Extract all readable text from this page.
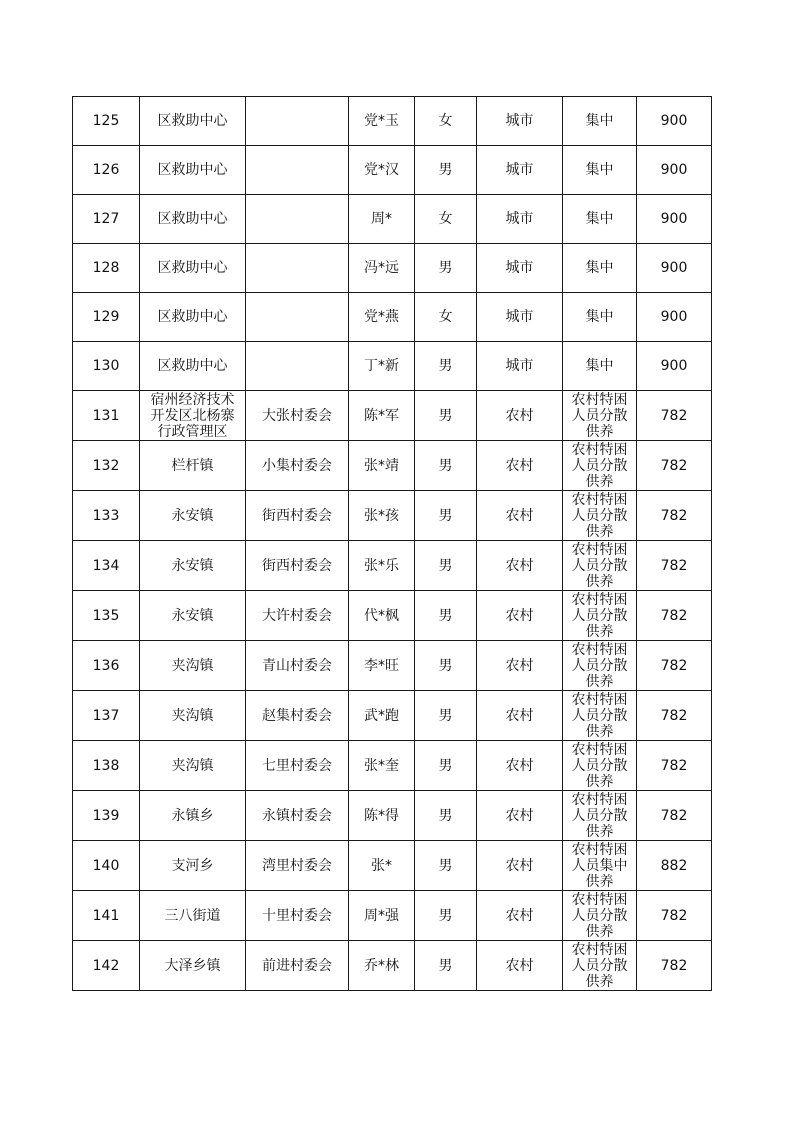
125	区救助中心		党*玉	女	城市	集中	900
126	区救助中心		党*汉	男	城市	集中	900
127	区救助中心		周*	女	城市	集中	900
128	区救助中心		冯*远	男	城市	集中	900
129	区救助中心		党*燕	女	城市	集中	900
130	区救助中心		丁*新	男	城市	集中	900
131	宿州经济技术开发区北杨寨行政管理区	大张村委会	陈*军	男	农村	农村特困人员分散供养	782
132	栏杆镇	小集村委会	张*靖	男	农村	农村特困人员分散供养	782
133	永安镇	街西村委会	张*孩	男	农村	农村特困人员分散供养	782
134	永安镇	街西村委会	张*乐	男	农村	农村特困人员分散供养	782
135	永安镇	大许村委会	代*枫	男	农村	农村特困人员分散供养	782
136	夹沟镇	青山村委会	李*旺	男	农村	农村特困人员分散供养	782
137	夹沟镇	赵集村委会	武*跑	男	农村	农村特困人员分散供养	782
138	夹沟镇	七里村委会	张*奎	男	农村	农村特困人员分散供养	782
139	永镇乡	永镇村委会	陈*得	男	农村	农村特困人员分散供养	782
140	支河乡	湾里村委会	张*	男	农村	农村特困人员集中供养	882
141	三八街道	十里村委会	周*强	男	农村	农村特困人员分散供养	782
142	大泽乡镇	前进村委会	乔*林	男	农村	农村特困人员分散供养	782
